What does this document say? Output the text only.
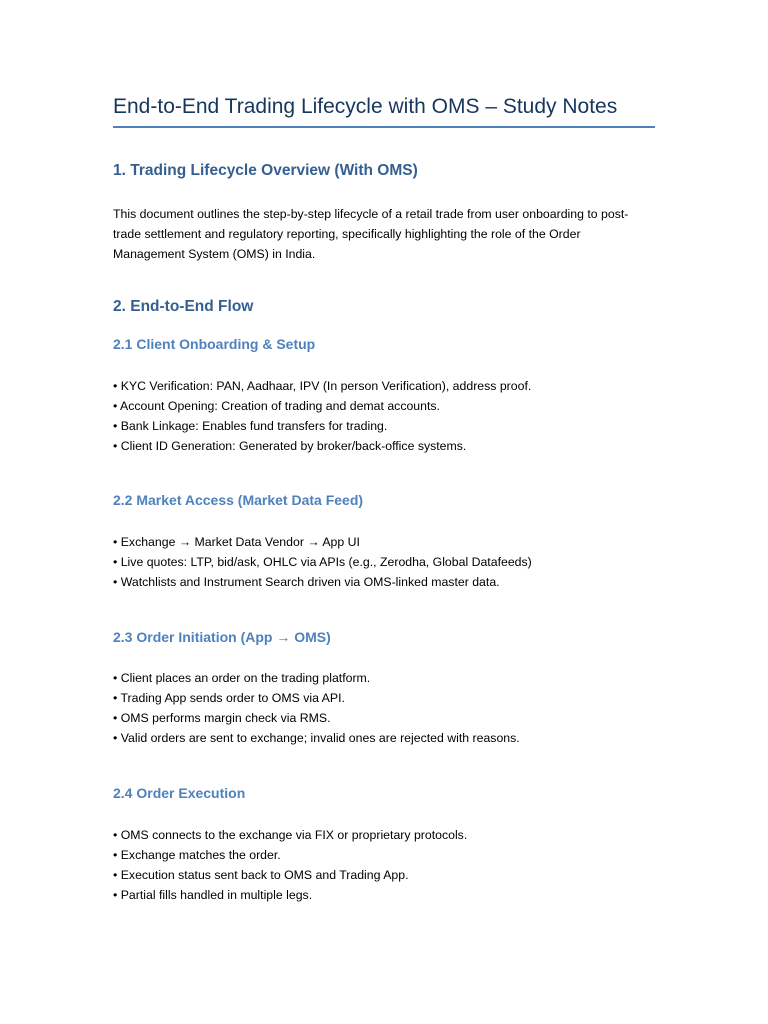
End-to-End Trading Lifecycle with OMS – Study Notes
1. Trading Lifecycle Overview (With OMS)

This document outlines the step-by-step lifecycle of a retail trade from user onboarding to post-
trade settlement and regulatory reporting, specifically highlighting the role of the Order
Management System (OMS) in India.

2. End-to-End Flow
2.1 Client Onboarding & Setup
• KYC Verification: PAN, Aadhaar, IPV (In person Verification), address proof.
• Account Opening: Creation of trading and demat accounts.
• Bank Linkage: Enables fund transfers for trading.
• Client ID Generation: Generated by broker/back-office systems.
2.2 Market Access (Market Data Feed)
• Exchange → Market Data Vendor → App UI
• Live quotes: LTP, bid/ask, OHLC via APIs (e.g., Zerodha, Global Datafeeds)
• Watchlists and Instrument Search driven via OMS-linked master data.
2.3 Order Initiation (App → OMS)
• Client places an order on the trading platform.
• Trading App sends order to OMS via API.
• OMS performs margin check via RMS.
• Valid orders are sent to exchange; invalid ones are rejected with reasons.
2.4 Order Execution
• OMS connects to the exchange via FIX or proprietary protocols.
• Exchange matches the order.
• Execution status sent back to OMS and Trading App.
• Partial fills handled in multiple legs.
